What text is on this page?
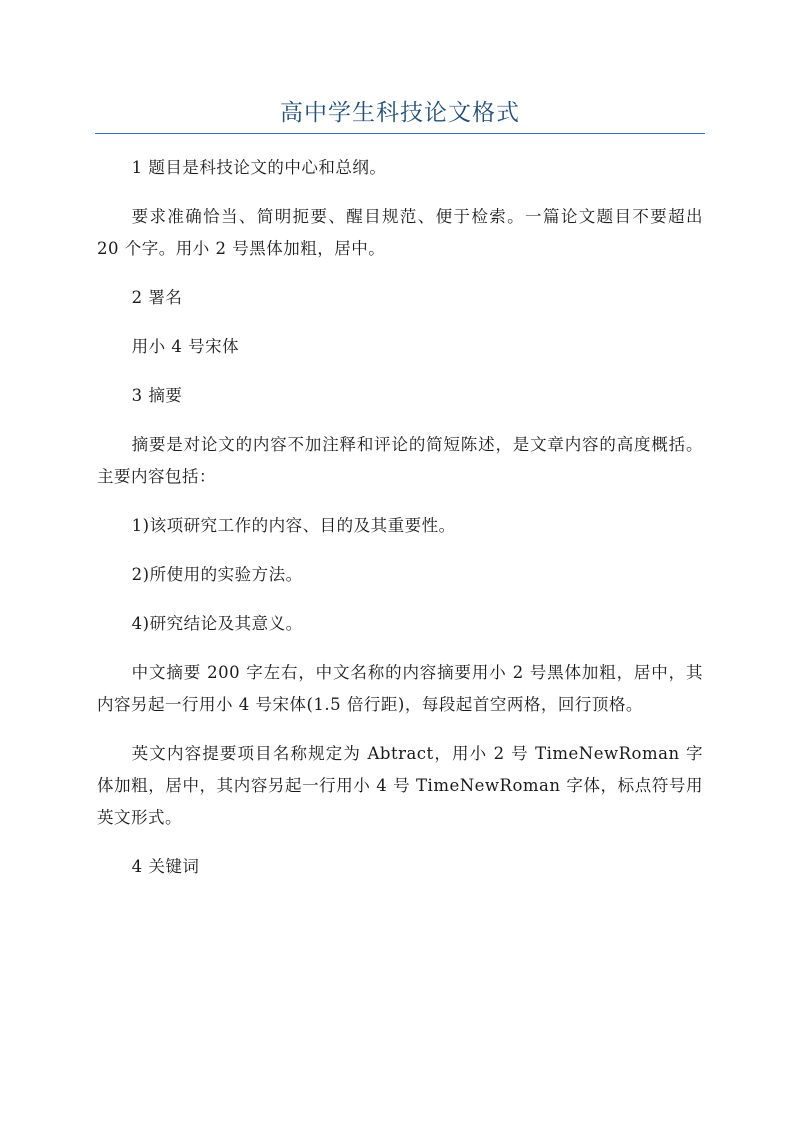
高中学生科技论文格式

1 题目是科技论文的中心和总纲。

要求准确恰当、简明扼要、醒目规范、便于检索。一篇论文题目不要超出 20 个字。用小 2 号黑体加粗，居中。

2 署名

用小 4 号宋体

3 摘要

摘要是对论文的内容不加注释和评论的简短陈述，是文章内容的高度概括。主要内容包括：

1)该项研究工作的内容、目的及其重要性。

2)所使用的实验方法。

4)研究结论及其意义。

中文摘要 200 字左右，中文名称的内容摘要用小 2 号黑体加粗，居中，其内容另起一行用小 4 号宋体(1.5 倍行距)，每段起首空两格，回行顶格。

英文内容提要项目名称规定为 Abtract，用小 2 号 TimeNewRoman 字体加粗，居中，其内容另起一行用小 4 号 TimeNewRoman 字体，标点符号用英文形式。

4 关键词
